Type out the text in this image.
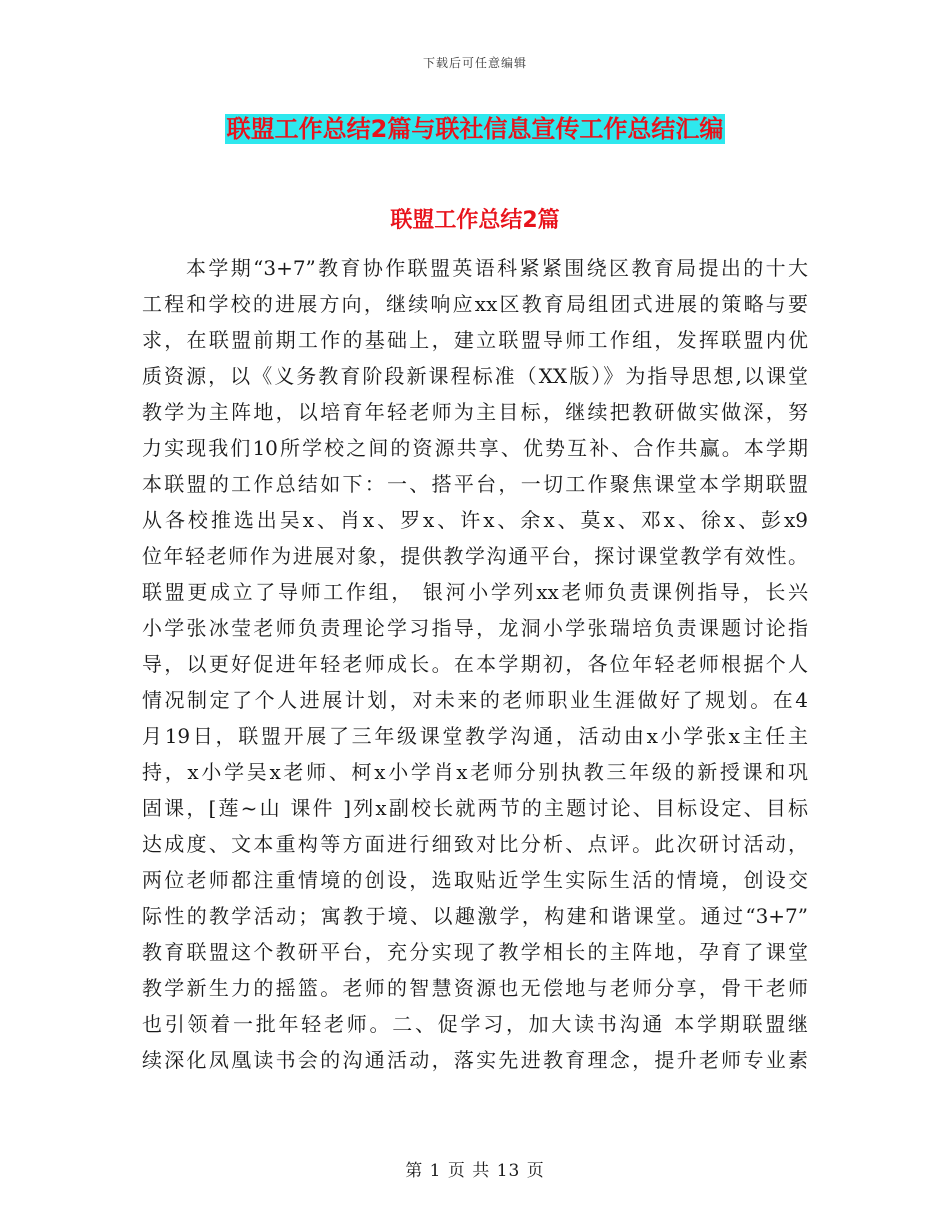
下载后可任意编辑
联盟工作总结2篇与联社信息宣传工作总结汇编
联盟工作总结2篇
本学期“3+7”教育协作联盟英语科紧紧围绕区教育局提出的十大
工程和学校的进展方向，继续响应xx区教育局组团式进展的策略与要
求，在联盟前期工作的基础上，建立联盟导师工作组，发挥联盟内优
质资源，以《义务教育阶段新课程标准（XX版）》为指导思想,以课堂
教学为主阵地，以培育年轻老师为主目标，继续把教研做实做深，努
力实现我们10所学校之间的资源共享、优势互补、合作共赢。本学期
本联盟的工作总结如下：一、搭平台，一切工作聚焦课堂本学期联盟
从各校推选出吴x、肖x、罗x、许x、余x、莫x、邓x、徐x、彭x9
位年轻老师作为进展对象，提供教学沟通平台，探讨课堂教学有效性。
联盟更成立了导师工作组， 银河小学列xx老师负责课例指导，长兴
小学张冰莹老师负责理论学习指导，龙洞小学张瑞培负责课题讨论指
导，以更好促进年轻老师成长。在本学期初，各位年轻老师根据个人
情况制定了个人进展计划，对未来的老师职业生涯做好了规划。在4
月19日，联盟开展了三年级课堂教学沟通，活动由x小学张x主任主
持，x小学吴x老师、柯x小学肖x老师分别执教三年级的新授课和巩
固课，[莲~山 课件 ]列x副校长就两节的主题讨论、目标设定、目标
达成度、文本重构等方面进行细致对比分析、点评。此次研讨活动，
两位老师都注重情境的创设，选取贴近学生实际生活的情境，创设交
际性的教学活动；寓教于境、以趣激学，构建和谐课堂。通过“3+7”
教育联盟这个教研平台，充分实现了教学相长的主阵地，孕育了课堂
教学新生力的摇篮。老师的智慧资源也无偿地与老师分享，骨干老师
也引领着一批年轻老师。二、促学习，加大读书沟通 本学期联盟继
续深化凤凰读书会的沟通活动，落实先进教育理念，提升老师专业素
第 1 页 共 13 页
